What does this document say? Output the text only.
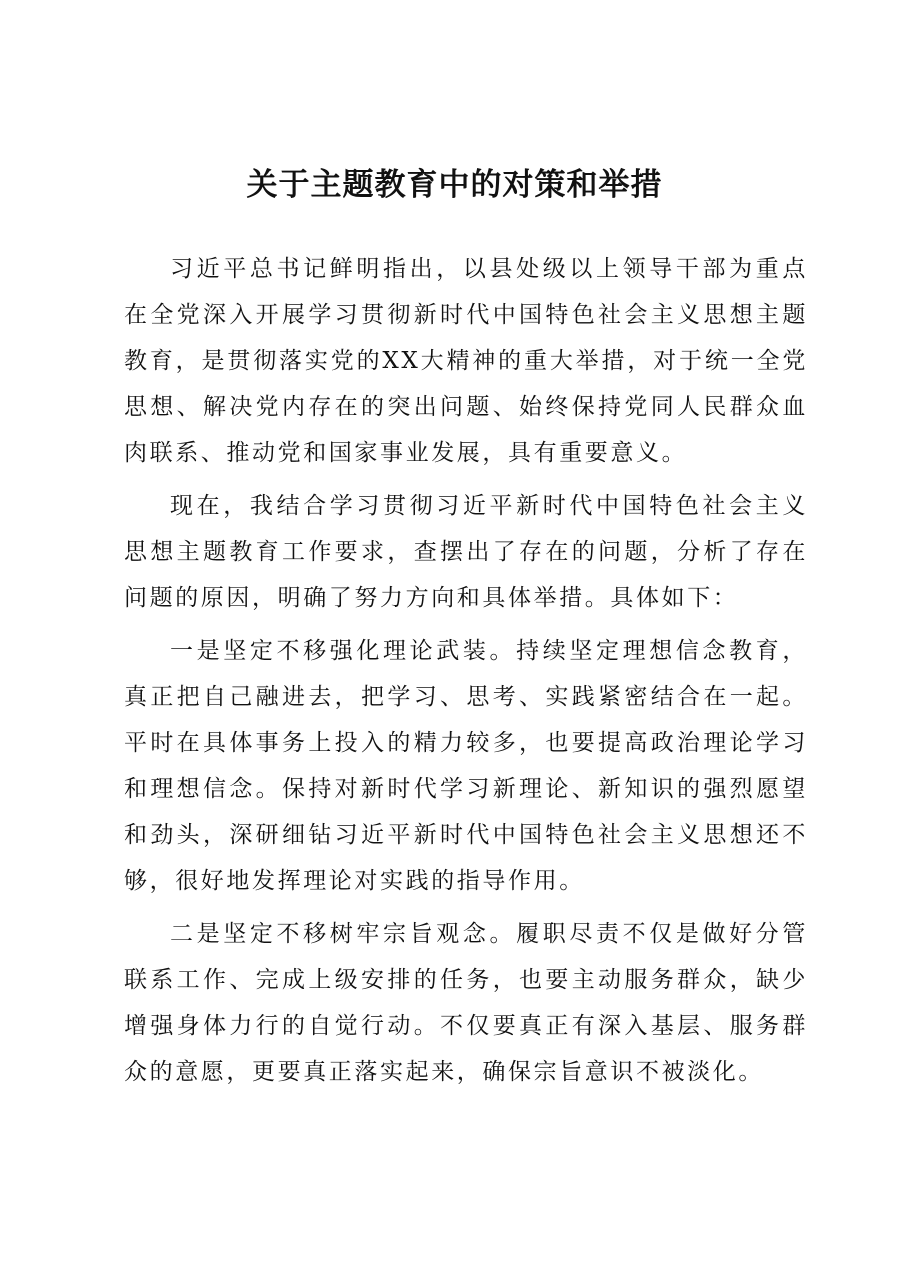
关于主题教育中的对策和举措

习近平总书记鲜明指出，以县处级以上领导干部为重点在全党深入开展学习贯彻新时代中国特色社会主义思想主题教育，是贯彻落实党的XX大精神的重大举措，对于统一全党思想、解决党内存在的突出问题、始终保持党同人民群众血肉联系、推动党和国家事业发展，具有重要意义。

现在，我结合学习贯彻习近平新时代中国特色社会主义思想主题教育工作要求，查摆出了存在的问题，分析了存在问题的原因，明确了努力方向和具体举措。具体如下：

一是坚定不移强化理论武装。持续坚定理想信念教育，真正把自己融进去，把学习、思考、实践紧密结合在一起。平时在具体事务上投入的精力较多，也要提高政治理论学习和理想信念。保持对新时代学习新理论、新知识的强烈愿望和劲头，深研细钻习近平新时代中国特色社会主义思想还不够，很好地发挥理论对实践的指导作用。

二是坚定不移树牢宗旨观念。履职尽责不仅是做好分管联系工作、完成上级安排的任务，也要主动服务群众，缺少增强身体力行的自觉行动。不仅要真正有深入基层、服务群众的意愿，更要真正落实起来，确保宗旨意识不被淡化。
